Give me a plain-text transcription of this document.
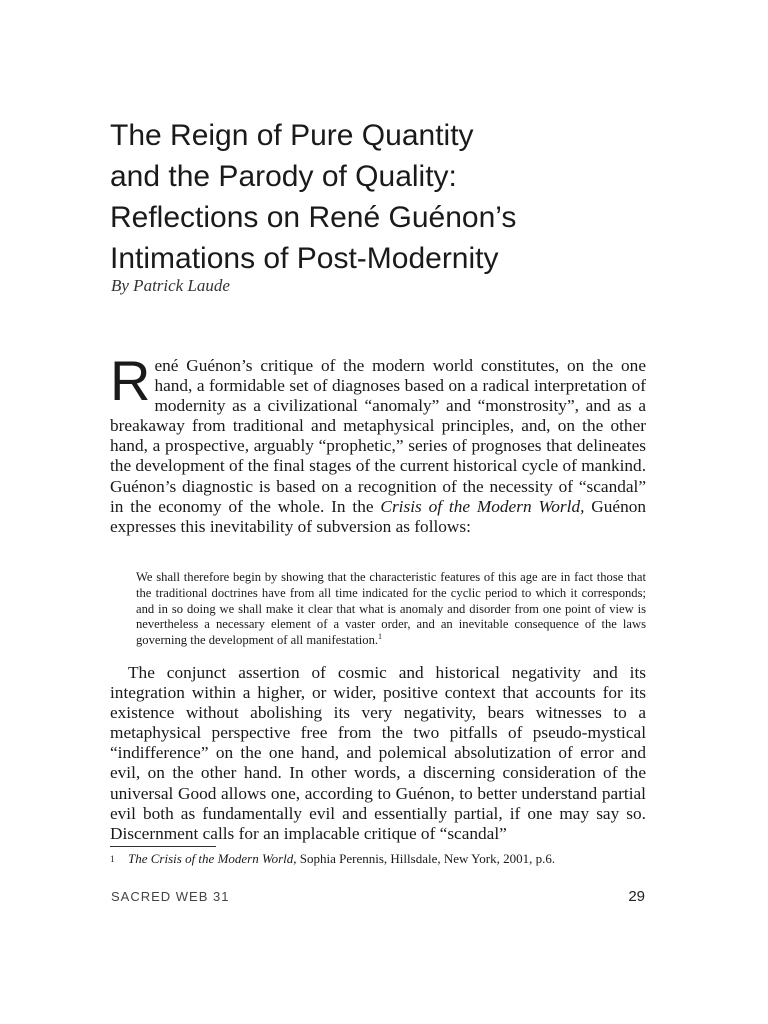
The Reign of Pure Quantity
and the Parody of Quality:
Reflections on René Guénon’s
Intimations of Post-Modernity
By Patrick Laude

René Guénon’s critique of the modern world constitutes, on the one hand, a formidable set of diagnoses based on a radical interpretation of modernity as a civilizational “anomaly” and “monstrosity”, and as a breakaway from traditional and metaphysical principles, and, on the other hand, a prospective, arguably “prophetic,” series of prognoses that delineates the development of the final stages of the current historical cycle of mankind. Guénon’s diagnostic is based on a recognition of the necessity of “scandal” in the economy of the whole. In the Crisis of the Modern World, Guénon expresses this inevitability of subversion as follows:

We shall therefore begin by showing that the characteristic features of this age are in fact those that the traditional doctrines have from all time indicated for the cyclic period to which it corresponds; and in so doing we shall make it clear that what is anomaly and disorder from one point of view is nevertheless a necessary element of a vaster order, and an inevitable consequence of the laws governing the development of all manifestation.$^1$

The conjunct assertion of cosmic and historical negativity and its integration within a higher, or wider, positive context that accounts for its existence without abolishing its very negativity, bears witnesses to a metaphysical perspective free from the two pitfalls of pseudo-mystical “indifference” on the one hand, and polemical absolutization of error and evil, on the other hand. In other words, a discerning consideration of the universal Good allows one, according to Guénon, to better understand partial evil both as fundamentally evil and essentially partial, if one may say so. Discernment calls for an implacable critique of “scandal”

1 The Crisis of the Modern World, Sophia Perennis, Hillsdale, New York, 2001, p.6.
SACRED WEB 31	29
